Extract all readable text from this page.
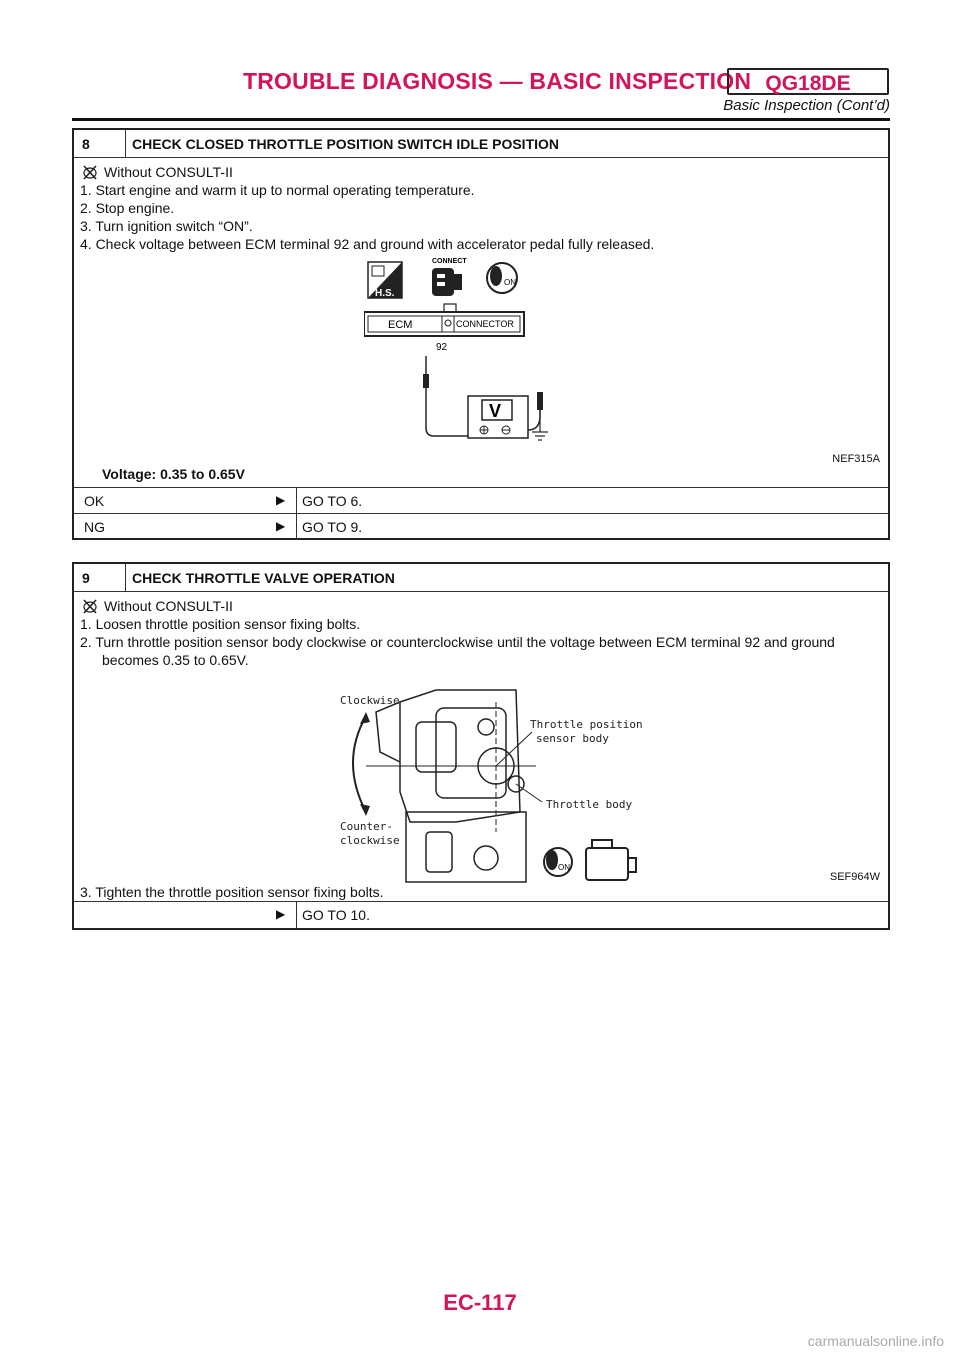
TROUBLE DIAGNOSIS — BASIC INSPECTION QG18DE
Basic Inspection (Cont’d)
8	CHECK CLOSED THROTTLE POSITION SWITCH IDLE POSITION
Without CONSULT-II
1. Start engine and warm it up to normal operating temperature.
2. Stop engine.
3. Turn ignition switch “ON”.
4. Check voltage between ECM terminal 92 and ground with accelerator pedal fully released.
H.S.
CONNECT
ON
ECM	CONNECTOR
92
V
NEF315A
Voltage: 0.35 to 0.65V
OK	▶ GO TO 6.
NG	▶ GO TO 9.
9	CHECK THROTTLE VALVE OPERATION
Without CONSULT-II
1. Loosen throttle position sensor fixing bolts.
2. Turn throttle position sensor body clockwise or counterclockwise until the voltage between ECM terminal 92 and ground
becomes 0.35 to 0.65V.
Clockwise
Counter-
clockwise
Throttle position
sensor body
Throttle body
ON
SEF964W
3. Tighten the throttle position sensor fixing bolts.
▶ GO TO 10.
EC-117
carmanualsonline.info
